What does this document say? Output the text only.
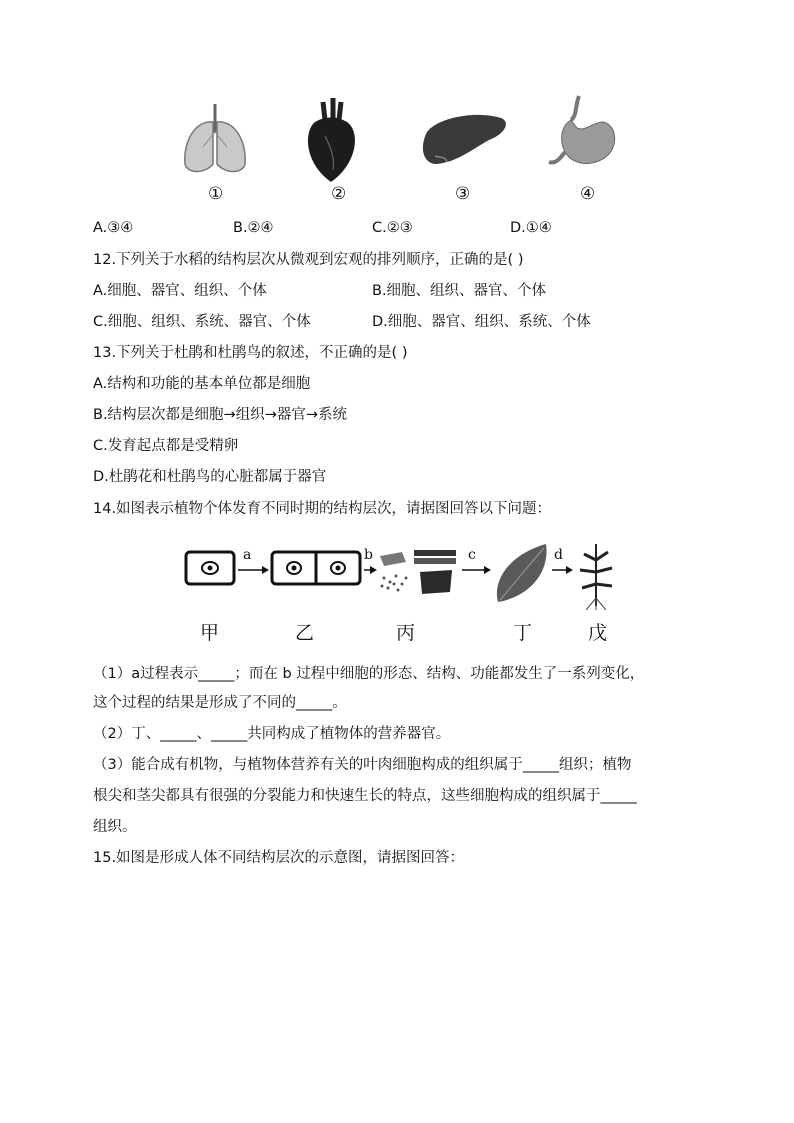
①	②	③	④
A.③④	B.②④	C.②③	D.①④
12.下列关于水稻的结构层次从微观到宏观的排列顺序，正确的是( )
A.细胞、器官、组织、个体	B.细胞、组织、器官、个体
C.细胞、组织、系统、器官、个体	D.细胞、器官、组织、系统、个体
13.下列关于杜鹃和杜鹃鸟的叙述，不正确的是( )
A.结构和功能的基本单位都是细胞
B.结构层次都是细胞→组织→器官→系统
C.发育起点都是受精卵
D.杜鹃花和杜鹃鸟的心脏都属于器官
14.如图表示植物个体发育不同时期的结构层次，请据图回答以下问题：
a	b	c	d
甲	乙	丙	丁	戊
（1）a过程表示_____；而在 b 过程中细胞的形态、结构、功能都发生了一系列变化，
这个过程的结果是形成了不同的_____。
（2）丁、_____、_____共同构成了植物体的营养器官。
（3）能合成有机物，与植物体营养有关的叶肉细胞构成的组织属于_____组织；植物
根尖和茎尖都具有很强的分裂能力和快速生长的特点，这些细胞构成的组织属于_____
组织。
15.如图是形成人体不同结构层次的示意图，请据图回答：
